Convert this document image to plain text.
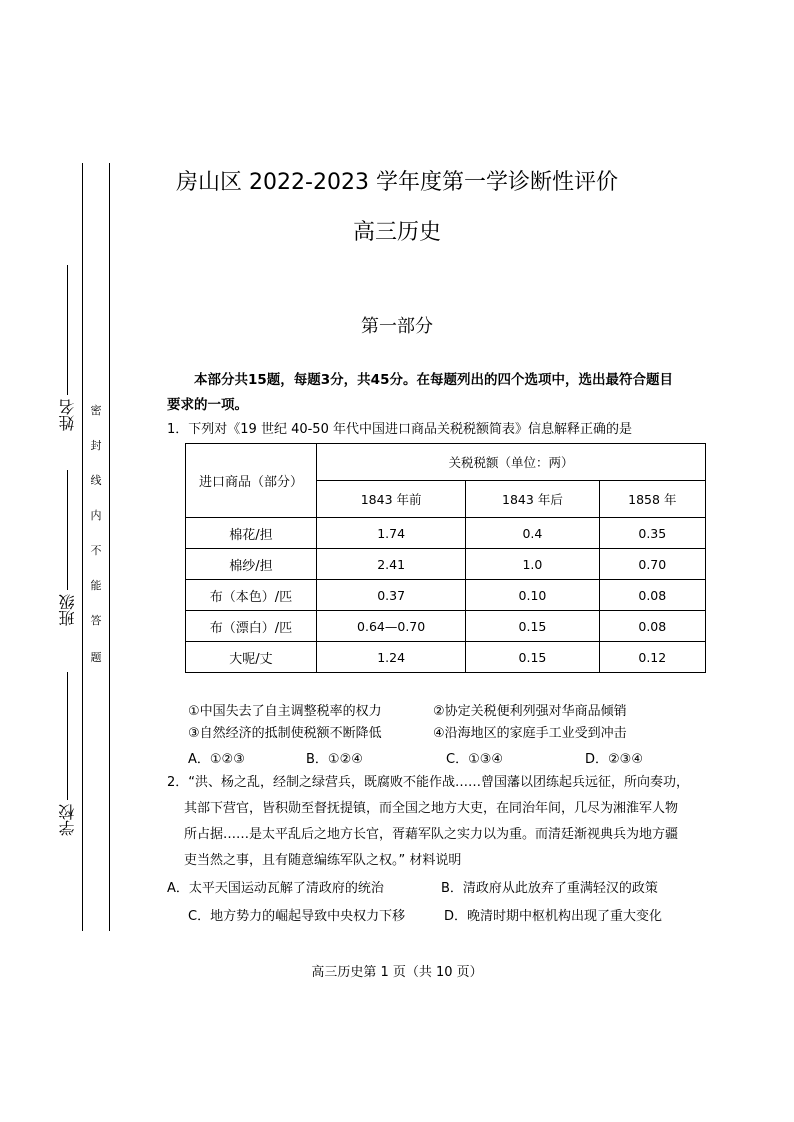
姓名
班级
学校
密
封
线
内
不
能
答
题
房山区 2022-2023 学年度第一学诊断性评价
高三历史
第一部分
本部分共15题，每题3分，共45分。在每题列出的四个选项中，选出最符合题目
要求的一项。
1．下列对《19 世纪 40-50 年代中国进口商品关税税额简表》信息解释正确的是
进口商品（部分）	关税税额（单位：两）		
	1843 年前	1843 年后	1858 年
棉花/担	1.74	0.4	0.35
棉纱/担	2.41	1.0	0.70
布（本色）/匹	0.37	0.10	0.08
布（漂白）/匹	0.64—0.70	0.15	0.08
大呢/丈	1.24	0.15	0.12
①中国失去了自主调整税率的权力	②协定关税便利列强对华商品倾销
③自然经济的抵制使税额不断降低	④沿海地区的家庭手工业受到冲击
A．①②③	B．①②④	C．①③④	D．②③④
2．“洪、杨之乱，经制之绿营兵，既腐败不能作战……曾国藩以团练起兵远征，所向奏功，
其部下营官，皆积勋至督抚提镇，而全国之地方大吏，在同治年间，几尽为湘淮军人物
所占据……是太平乱后之地方长官，胥藉军队之实力以为重。而清廷渐视典兵为地方疆
吏当然之事，且有随意编练军队之权。” 材料说明
A．太平天国运动瓦解了清政府的统治	B．清政府从此放弃了重满轻汉的政策
C．地方势力的崛起导致中央权力下移	D．晚清时期中枢机构出现了重大变化
高三历史第 1 页（共 10 页）
